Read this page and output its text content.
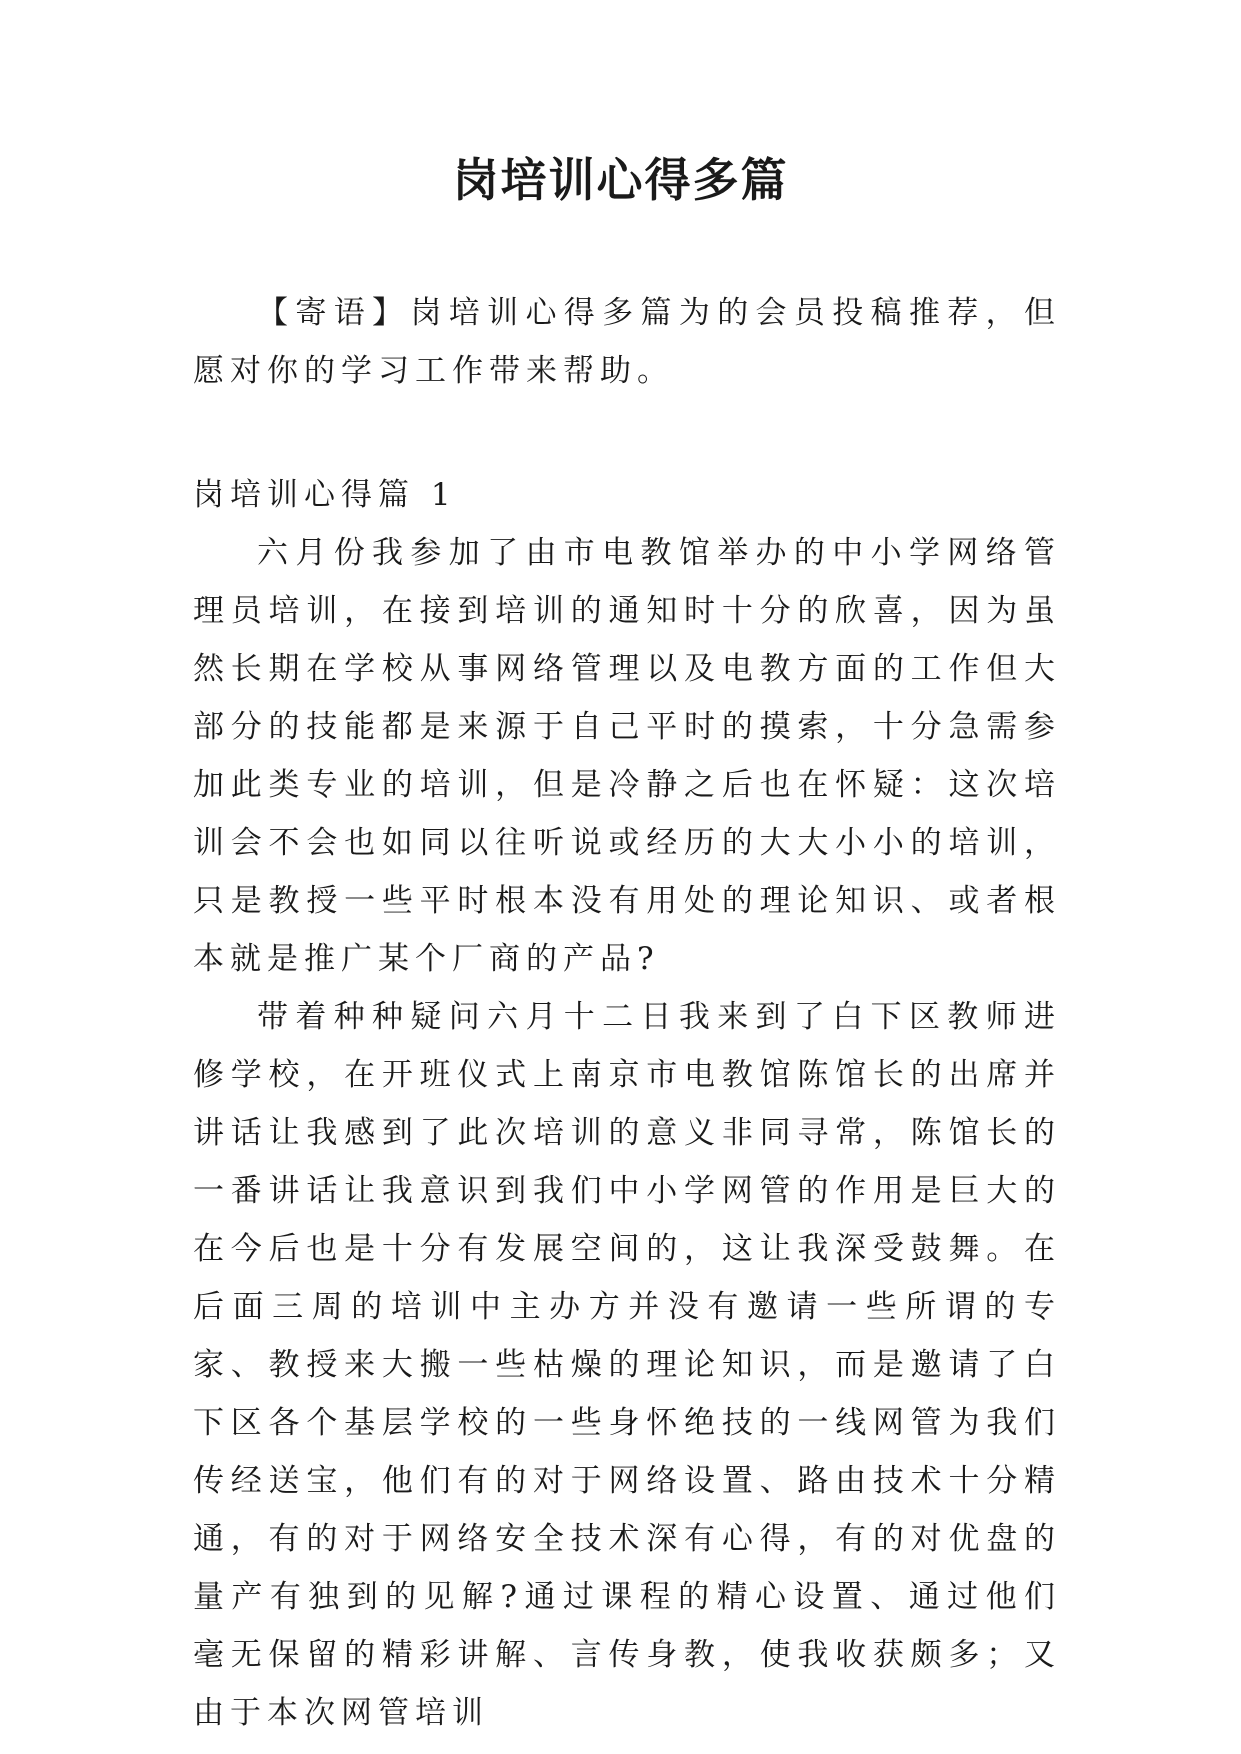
岗培训心得多篇

【寄语】岗培训心得多篇为的会员投稿推荐，但愿对你的学习工作带来帮助。

岗培训心得篇 1

六月份我参加了由市电教馆举办的中小学网络管理员培训，在接到培训的通知时十分的欣喜，因为虽然长期在学校从事网络管理以及电教方面的工作但大部分的技能都是来源于自己平时的摸索，十分急需参加此类专业的培训，但是冷静之后也在怀疑：这次培训会不会也如同以往听说或经历的大大小小的培训，只是教授一些平时根本没有用处的理论知识、或者根本就是推广某个厂商的产品?

带着种种疑问六月十二日我来到了白下区教师进修学校，在开班仪式上南京市电教馆陈馆长的出席并讲话让我感到了此次培训的意义非同寻常，陈馆长的一番讲话让我意识到我们中小学网管的作用是巨大的在今后也是十分有发展空间的，这让我深受鼓舞。在后面三周的培训中主办方并没有邀请一些所谓的专家、教授来大搬一些枯燥的理论知识，而是邀请了白下区各个基层学校的一些身怀绝技的一线网管为我们传经送宝，他们有的对于网络设置、路由技术十分精通，有的对于网络安全技术深有心得，有的对优盘的量产有独到的见解?通过课程的精心设置、通过他们毫无保留的精彩讲解、言传身教，使我收获颇多；又由于本次网管培训
